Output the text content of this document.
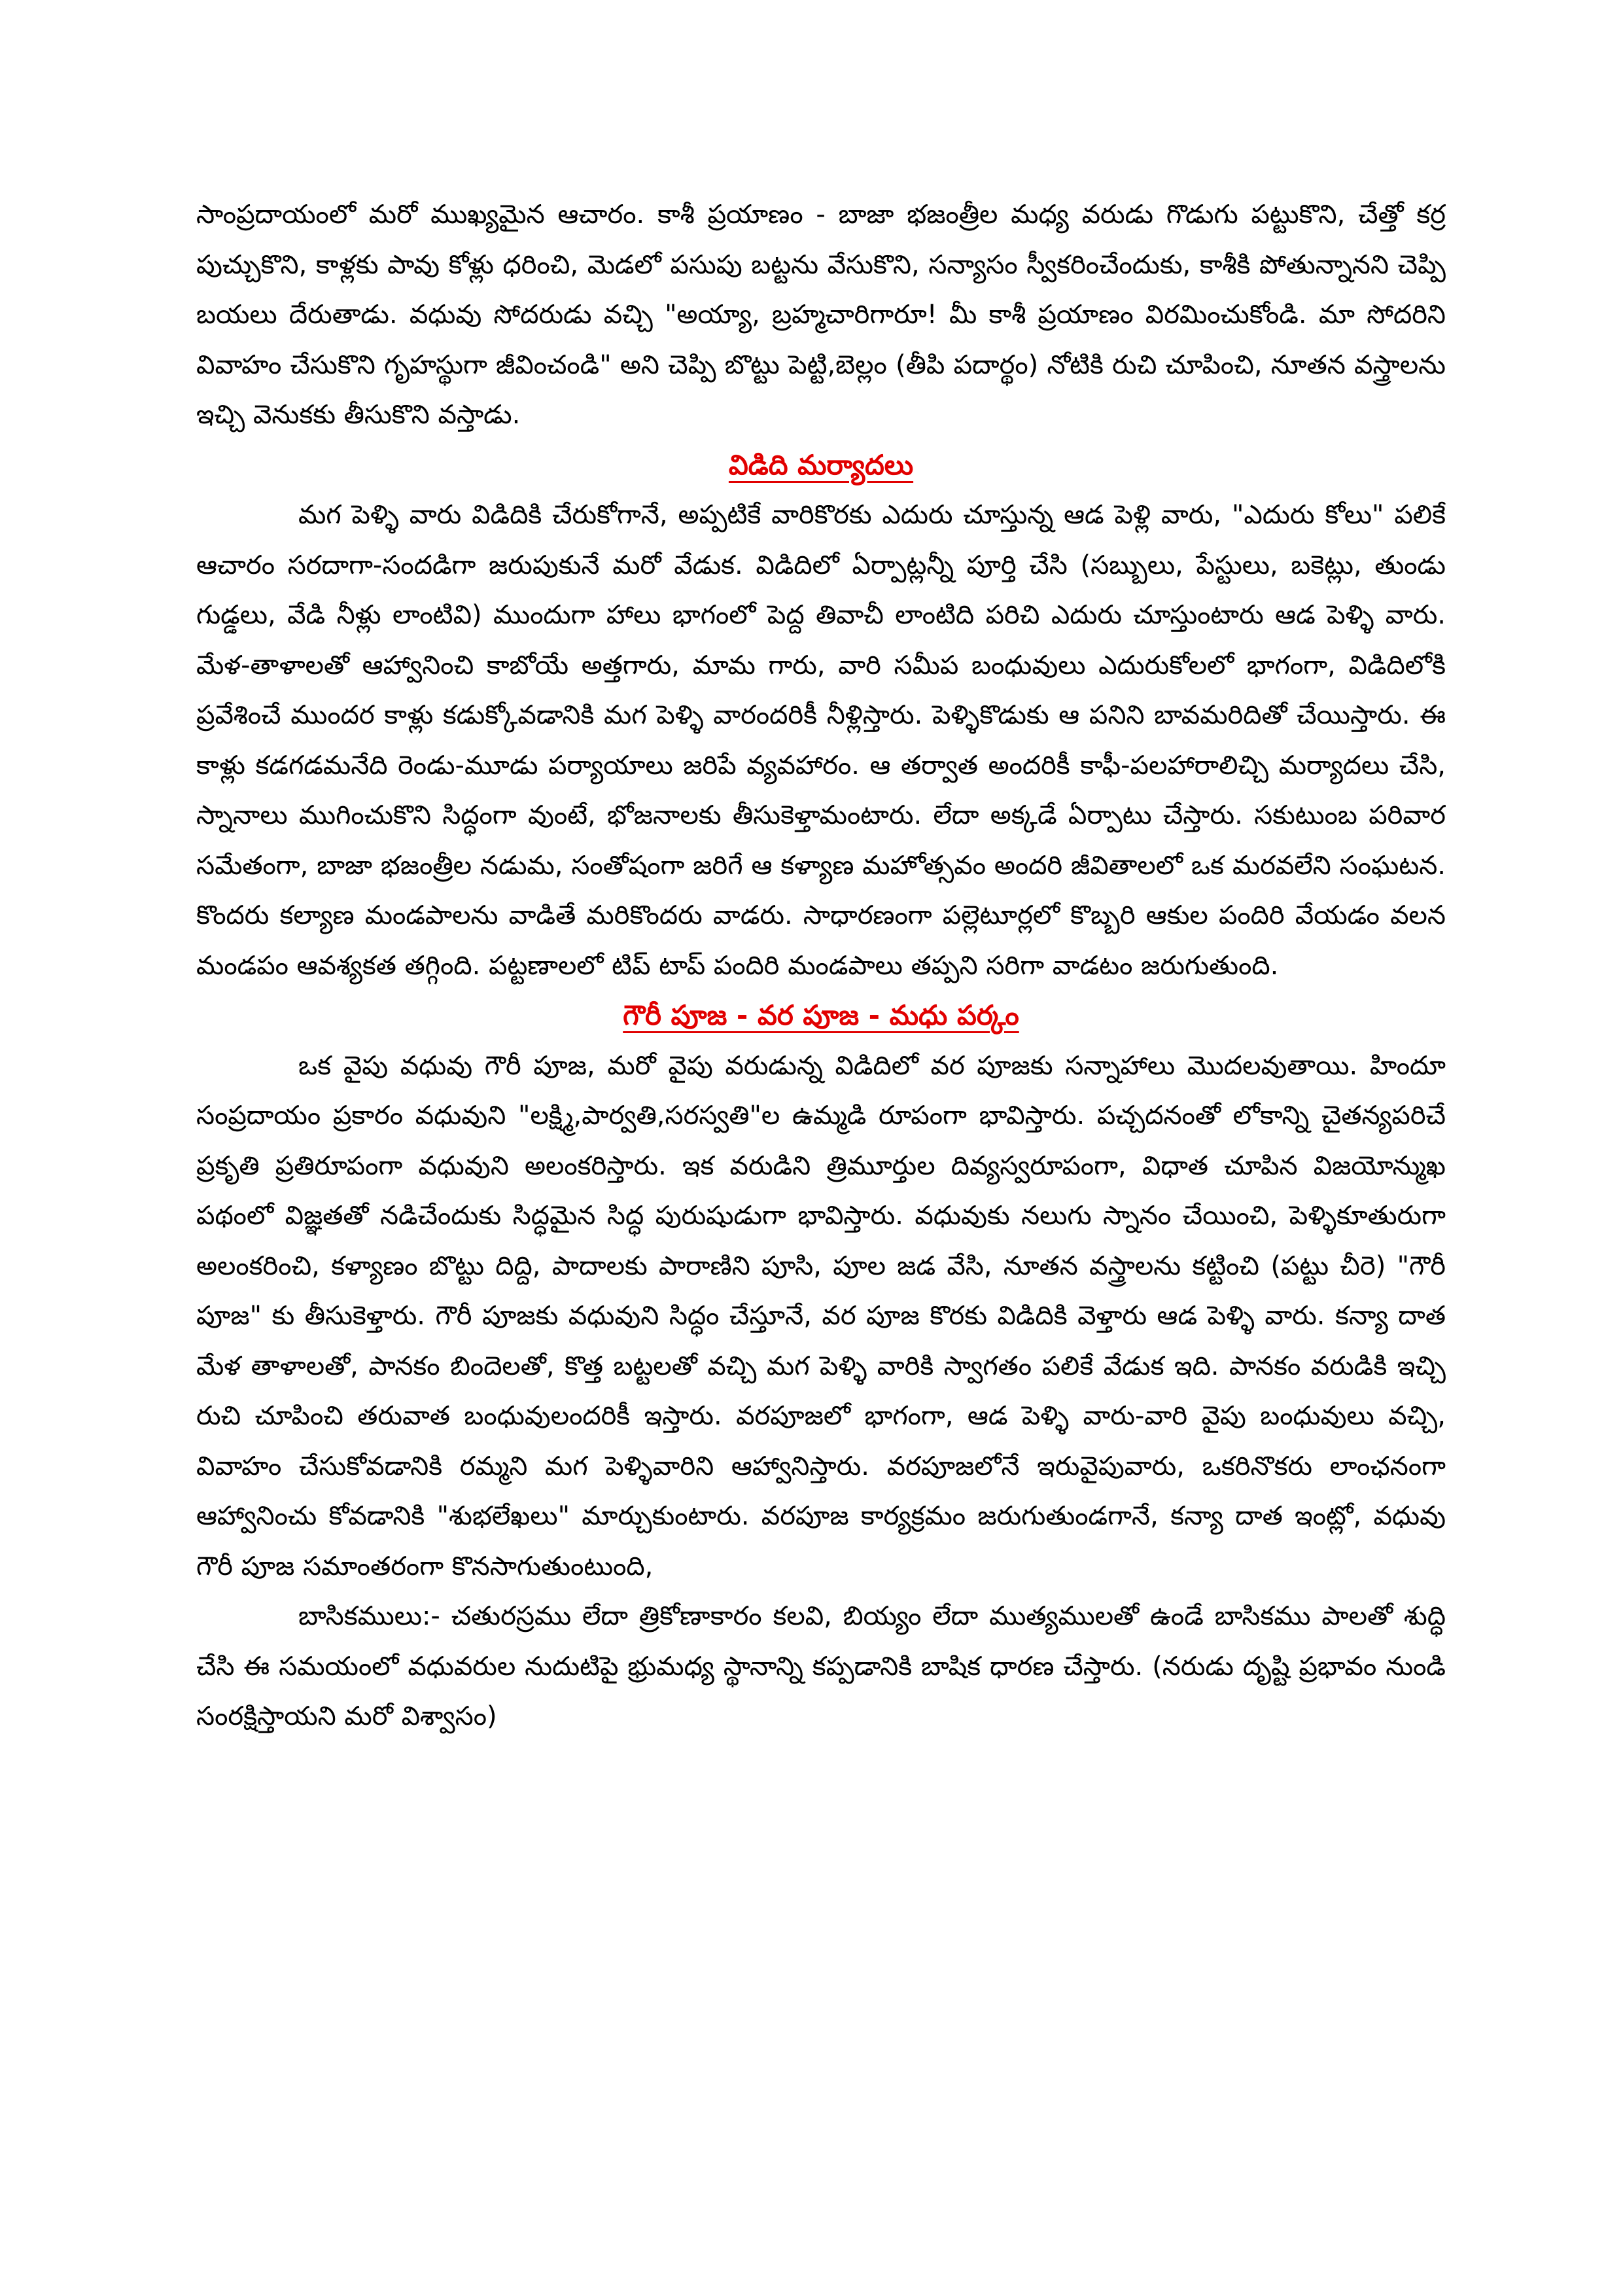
సాంప్రదాయంలో మరో ముఖ్యమైన ఆచారం. కాశీ ప్రయాణం - బాజా భజంత్రీల మధ్య వరుడు గొడుగు పట్టుకొని, చేత్తో కర్ర పుచ్చుకొని, కాళ్లకు పావు కోళ్లు ధరించి, మెడలో పసుపు బట్టను వేసుకొని, సన్యాసం స్వీకరించేందుకు, కాశీకి పోతున్నానని చెప్పి బయలు దేరుతాడు. వధువు సోదరుడు వచ్చి "అయ్యా, బ్రహ్మచారిగారూ! మీ కాశీ ప్రయాణం విరమించుకోండి. మా సోదరిని వివాహం చేసుకొని గృహస్థుగా జీవించండి" అని చెప్పి బొట్టు పెట్టి,బెల్లం (తీపి పదార్థం) నోటికి రుచి చూపించి, నూతన వస్త్రాలను ఇచ్చి వెనుకకు తీసుకొని వస్తాడు.

విడిది మర్యాదలు

మగ పెళ్ళి వారు విడిదికి చేరుకోగానే, అప్పటికే వారికొరకు ఎదురు చూస్తున్న ఆడ పెళ్లి వారు, "ఎదురు కోలు" పలికే ఆచారం సరదాగా-సందడిగా జరుపుకునే మరో వేడుక. విడిదిలో ఏర్పాట్లన్నీ పూర్తి చేసి (సబ్బులు, పేస్టులు, బకెట్లు, తుండు గుడ్డలు, వేడి నీళ్లు లాంటివి) ముందుగా హాలు భాగంలో పెద్ద తివాచీ లాంటిది పరిచి ఎదురు చూస్తుంటారు ఆడ పెళ్ళి వారు. మేళ-తాళాలతో ఆహ్వానించి కాబోయే అత్తగారు, మామ గారు, వారి సమీప బంధువులు ఎదురుకోలలో భాగంగా, విడిదిలోకి ప్రవేశించే ముందర కాళ్లు కడుక్కోవడానికి మగ పెళ్ళి వారందరికీ నీళ్లిస్తారు. పెళ్ళికొడుకు ఆ పనిని బావమరిదితో చేయిస్తారు. ఈ కాళ్లు కడగడమనేది రెండు-మూడు పర్యాయాలు జరిపే వ్యవహారం. ఆ తర్వాత అందరికీ కాఫీ-పలహారాలిచ్చి మర్యాదలు చేసి, స్నానాలు ముగించుకొని సిద్ధంగా వుంటే, భోజనాలకు తీసుకెళ్తామంటారు. లేదా అక్కడే ఏర్పాటు చేస్తారు. సకుటుంబ పరివార సమేతంగా, బాజా భజంత్రీల నడుమ, సంతోషంగా జరిగే ఆ కళ్యాణ మహోత్సవం అందరి జీవితాలలో ఒక మరవలేని సంఘటన. కొందరు కల్యాణ మండపాలను వాడితే మరికొందరు వాడరు. సాధారణంగా పల్లెటూర్లలో కొబ్బరి ఆకుల పందిరి వేయడం వలన మండపం ఆవశ్యకత తగ్గింది. పట్టణాలలో టిప్ టాప్ పందిరి మండపాలు తప్పని సరిగా వాడటం జరుగుతుంది.

గౌరీ పూజ - వర పూజ - మధు పర్కం

ఒక వైపు వధువు గౌరీ పూజ, మరో వైపు వరుడున్న విడిదిలో వర పూజకు సన్నాహాలు మొదలవుతాయి. హిందూ సంప్రదాయం ప్రకారం వధువుని "లక్ష్మి,పార్వతి,సరస్వతి"ల ఉమ్మడి రూపంగా భావిస్తారు. పచ్చదనంతో లోకాన్ని చైతన్యపరిచే ప్రకృతి ప్రతిరూపంగా వధువుని అలంకరిస్తారు. ఇక వరుడిని త్రిమూర్తుల దివ్యస్వరూపంగా, విధాత చూపిన విజయోన్ముఖ పథంలో విజ్ఞతతో నడిచేందుకు సిద్ధమైన సిద్ధ పురుషుడుగా భావిస్తారు. వధువుకు నలుగు స్నానం చేయించి, పెళ్ళికూతురుగా అలంకరించి, కళ్యాణం బొట్టు దిద్ది, పాదాలకు పారాణిని పూసి, పూల జడ వేసి, నూతన వస్త్రాలను కట్టించి (పట్టు చీరె) "గౌరీ పూజ" కు తీసుకెళ్తారు. గౌరీ పూజకు వధువుని సిద్ధం చేస్తూనే, వర పూజ కొరకు విడిదికి వెళ్తారు ఆడ పెళ్ళి వారు. కన్యా దాత మేళ తాళాలతో, పానకం బిందెలతో, కొత్త బట్టలతో వచ్చి మగ పెళ్ళి వారికి స్వాగతం పలికే వేడుక ఇది. పానకం వరుడికి ఇచ్చి రుచి చూపించి తరువాత బంధువులందరికీ ఇస్తారు. వరపూజలో భాగంగా, ఆడ పెళ్ళి వారు-వారి వైపు బంధువులు వచ్చి, వివాహం చేసుకోవడానికి రమ్మని మగ పెళ్ళివారిని ఆహ్వానిస్తారు. వరపూజలోనే ఇరువైపువారు, ఒకరినొకరు లాంఛనంగా ఆహ్వానించు కోవడానికి "శుభలేఖలు" మార్చుకుంటారు. వరపూజ కార్యక్రమం జరుగుతుండగానే, కన్యా దాత ఇంట్లో, వధువు గౌరీ పూజ సమాంతరంగా కొనసాగుతుంటుంది,

బాసికములు:- చతురస్రము లేదా త్రికోణాకారం కలవి, బియ్యం లేదా ముత్యములతో ఉండే బాసికము పాలతో శుద్ధి చేసి ఈ సమయంలో వధువరుల నుదుటిపై భ్రుమధ్య స్థానాన్ని కప్పడానికి బాషిక ధారణ చేస్తారు. (నరుడు దృష్టి ప్రభావం నుండి సంరక్షిస్తాయని మరో విశ్వాసం)
